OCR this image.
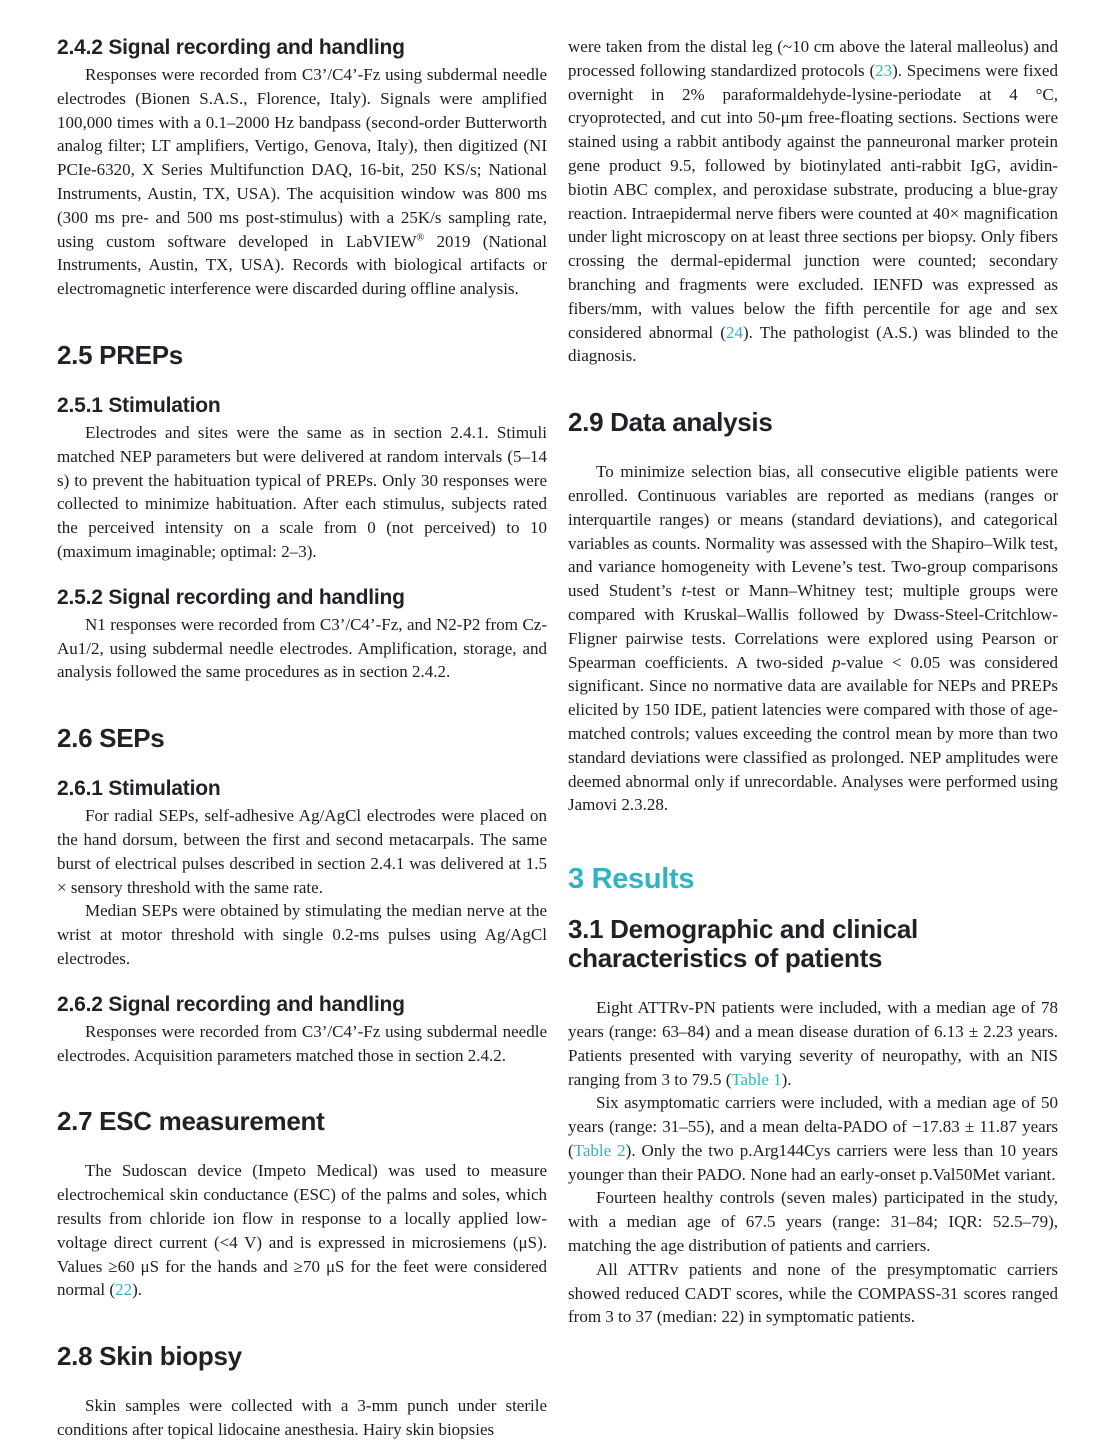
2.4.2 Signal recording and handling

Responses were recorded from C3’/C4’-Fz using subdermal needle electrodes (Bionen S.A.S., Florence, Italy). Signals were amplified 100,000 times with a 0.1–2000 Hz bandpass (second-order Butterworth analog filter; LT amplifiers, Vertigo, Genova, Italy), then digitized (NI PCIe-6320, X Series Multifunction DAQ, 16-bit, 250 KS/s; National Instruments, Austin, TX, USA). The acquisition window was 800 ms (300 ms pre- and 500 ms post-stimulus) with a 25K/s sampling rate, using custom software developed in LabVIEW® 2019 (National Instruments, Austin, TX, USA). Records with biological artifacts or electromagnetic interference were discarded during offline analysis.

2.5 PREPs
2.5.1 Stimulation

Electrodes and sites were the same as in section 2.4.1. Stimuli matched NEP parameters but were delivered at random intervals (5–14 s) to prevent the habituation typical of PREPs. Only 30 responses were collected to minimize habituation. After each stimulus, subjects rated the perceived intensity on a scale from 0 (not perceived) to 10 (maximum imaginable; optimal: 2–3).

2.5.2 Signal recording and handling

N1 responses were recorded from C3’/C4’-Fz, and N2-P2 from Cz-Au1/2, using subdermal needle electrodes. Amplification, storage, and analysis followed the same procedures as in section 2.4.2.

2.6 SEPs
2.6.1 Stimulation

For radial SEPs, self-adhesive Ag/AgCl electrodes were placed on the hand dorsum, between the first and second metacarpals. The same burst of electrical pulses described in section 2.4.1 was delivered at 1.5 × sensory threshold with the same rate.

Median SEPs were obtained by stimulating the median nerve at the wrist at motor threshold with single 0.2-ms pulses using Ag/AgCl electrodes.

2.6.2 Signal recording and handling

Responses were recorded from C3’/C4’-Fz using subdermal needle electrodes. Acquisition parameters matched those in section 2.4.2.

2.7 ESC measurement

The Sudoscan device (Impeto Medical) was used to measure electrochemical skin conductance (ESC) of the palms and soles, which results from chloride ion flow in response to a locally applied low-voltage direct current (<4 V) and is expressed in microsiemens (μS). Values ≥60 μS for the hands and ≥70 μS for the feet were considered normal (22).

2.8 Skin biopsy

Skin samples were collected with a 3-mm punch under sterile conditions after topical lidocaine anesthesia. Hairy skin biopsies

were taken from the distal leg (~10 cm above the lateral malleolus) and processed following standardized protocols (23). Specimens were fixed overnight in 2% paraformaldehyde-lysine-periodate at 4 °C, cryoprotected, and cut into 50-μm free-floating sections. Sections were stained using a rabbit antibody against the panneuronal marker protein gene product 9.5, followed by biotinylated anti-rabbit IgG, avidin-biotin ABC complex, and peroxidase substrate, producing a blue-gray reaction. Intraepidermal nerve fibers were counted at 40× magnification under light microscopy on at least three sections per biopsy. Only fibers crossing the dermal-epidermal junction were counted; secondary branching and fragments were excluded. IENFD was expressed as fibers/mm, with values below the fifth percentile for age and sex considered abnormal (24). The pathologist (A.S.) was blinded to the diagnosis.

2.9 Data analysis

To minimize selection bias, all consecutive eligible patients were enrolled. Continuous variables are reported as medians (ranges or interquartile ranges) or means (standard deviations), and categorical variables as counts. Normality was assessed with the Shapiro–Wilk test, and variance homogeneity with Levene’s test. Two-group comparisons used Student’s t-test or Mann–Whitney test; multiple groups were compared with Kruskal–Wallis followed by Dwass-Steel-Critchlow-Fligner pairwise tests. Correlations were explored using Pearson or Spearman coefficients. A two-sided p-value < 0.05 was considered significant. Since no normative data are available for NEPs and PREPs elicited by 150 IDE, patient latencies were compared with those of age-matched controls; values exceeding the control mean by more than two standard deviations were classified as prolonged. NEP amplitudes were deemed abnormal only if unrecordable. Analyses were performed using Jamovi 2.3.28.

3 Results
3.1 Demographic and clinical characteristics of patients

Eight ATTRv-PN patients were included, with a median age of 78 years (range: 63–84) and a mean disease duration of 6.13 ± 2.23 years. Patients presented with varying severity of neuropathy, with an NIS ranging from 3 to 79.5 (Table 1).

Six asymptomatic carriers were included, with a median age of 50 years (range: 31–55), and a mean delta-PADO of −17.83 ± 11.87 years (Table 2). Only the two p.Arg144Cys carriers were less than 10 years younger than their PADO. None had an early-onset p.Val50Met variant.

Fourteen healthy controls (seven males) participated in the study, with a median age of 67.5 years (range: 31–84; IQR: 52.5–79), matching the age distribution of patients and carriers.

All ATTRv patients and none of the presymptomatic carriers showed reduced CADT scores, while the COMPASS-31 scores ranged from 3 to 37 (median: 22) in symptomatic patients.
